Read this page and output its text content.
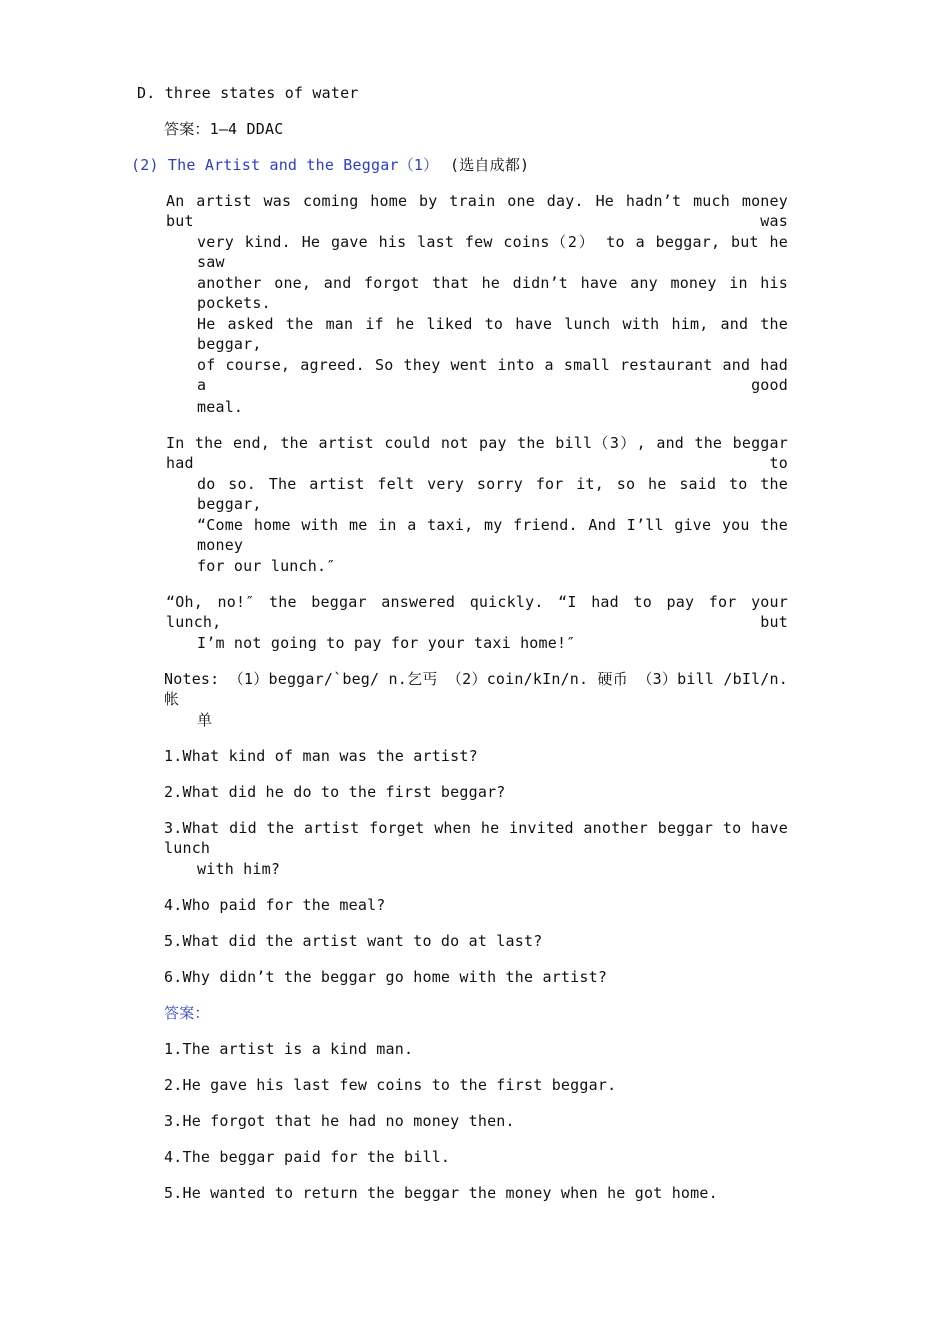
D. three states of water
答案：1—4 DDAC
(2) The Artist and the Beggar（1） (选自成都)
An artist was coming home by train one day. He hadn’t much money but was
very kind. He gave his last few coins（2） to a beggar, but he saw
another one, and forgot that he didn’t have any money in his pockets.
He asked the man if he liked to have lunch with him, and the beggar,
of course, agreed. So they went into a small restaurant and had a good
meal.
In the end, the artist could not pay the bill（3）, and the beggar had to
do so. The artist felt very sorry for it, so he said to the beggar,
“Come home with me in a taxi, my friend. And I’ll give you the money
for our lunch.″
“Oh, no!″ the beggar answered quickly. “I had to pay for your lunch, but
I’m not going to pay for your taxi home!″
Notes: （1）beggar/`beg/ n.乞丐 （2）coin/kIn/n. 硬币 （3）bill /bIl/n.帐
单
1.What kind of man was the artist?
2.What did he do to the first beggar?
3.What did the artist forget when he invited another beggar to have lunch
with him?
4.Who paid for the meal?
5.What did the artist want to do at last?
6.Why didn’t the beggar go home with the artist?
答案：
1.The artist is a kind man.
2.He gave his last few coins to the first beggar.
3.He forgot that he had no money then.
4.The beggar paid for the bill.
5.He wanted to return the beggar the money when he got home.
